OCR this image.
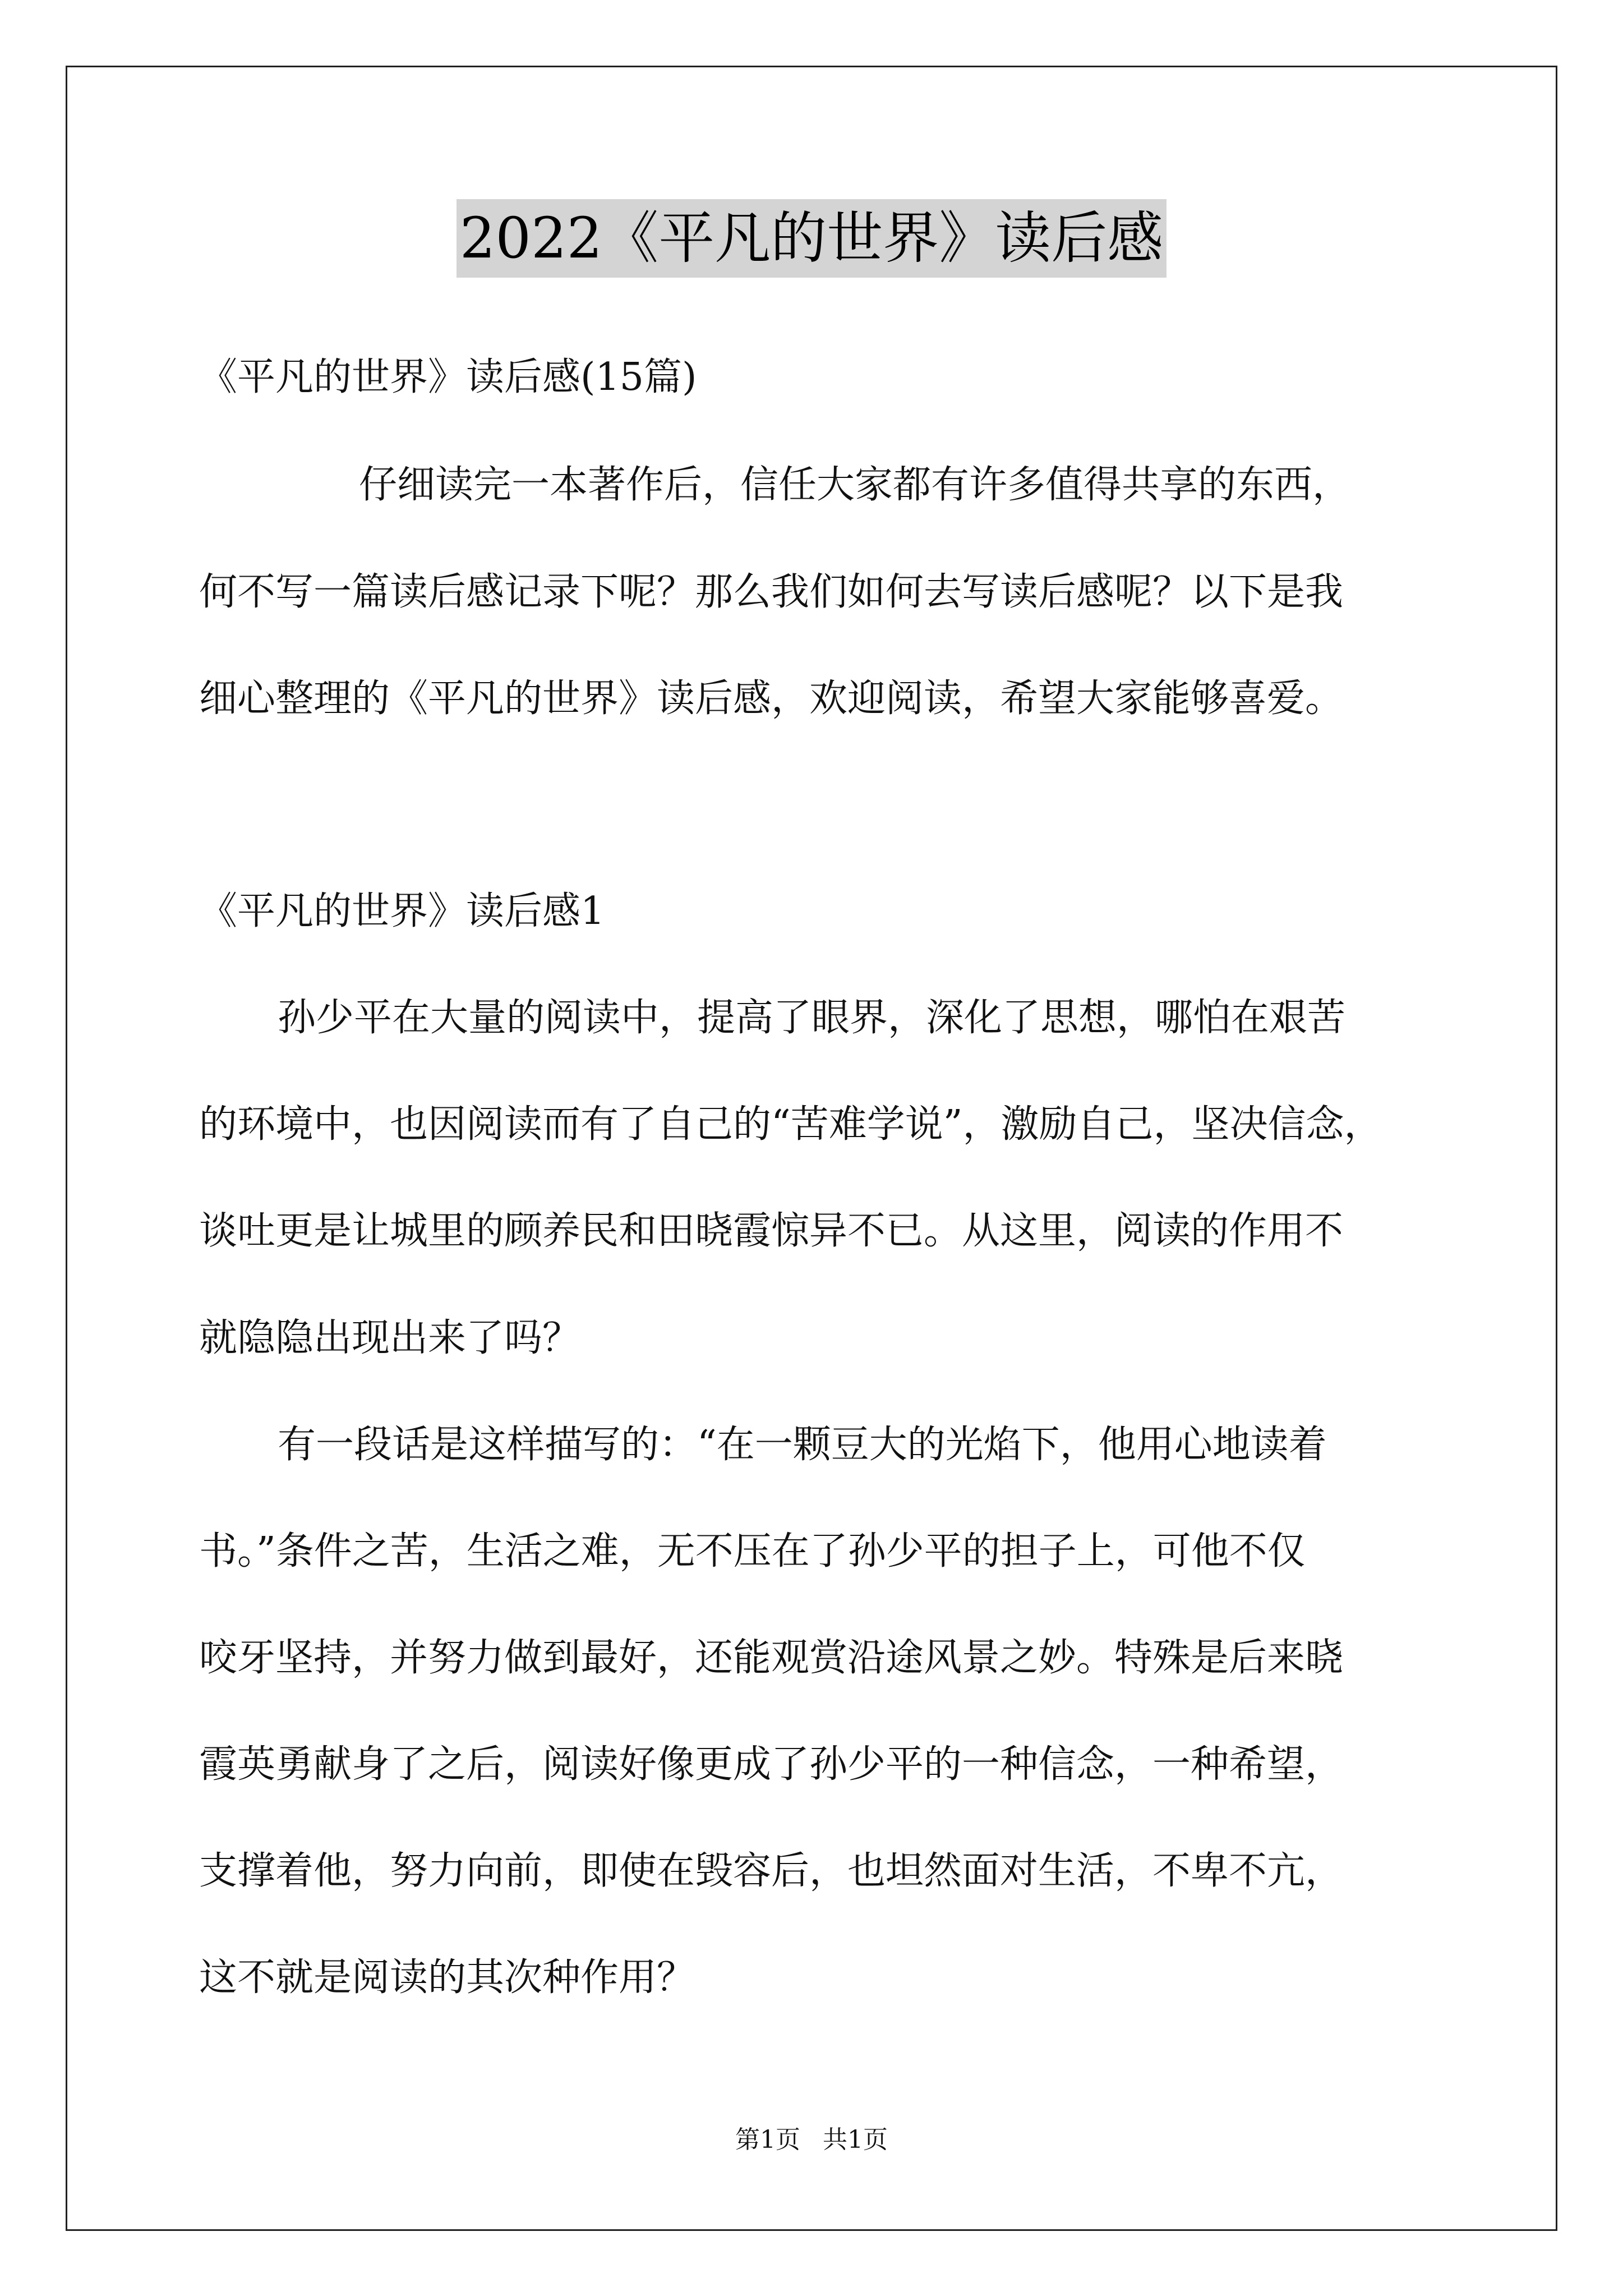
2022《平凡的世界》读后感
《平凡的世界》读后感(15篇)
仔细读完一本著作后，信任大家都有许多值得共享的东西，
何不写一篇读后感记录下呢？那么我们如何去写读后感呢？以下是我
细心整理的《平凡的世界》读后感，欢迎阅读，希望大家能够喜爱。
《平凡的世界》读后感1
孙少平在大量的阅读中，提高了眼界，深化了思想，哪怕在艰苦
的环境中，也因阅读而有了自己的“苦难学说”，激励自己，坚决信念，
谈吐更是让城里的顾养民和田晓霞惊异不已。从这里，阅读的作用不
就隐隐出现出来了吗？
有一段话是这样描写的：“在一颗豆大的光焰下，他用心地读着
书。”条件之苦，生活之难，无不压在了孙少平的担子上，可他不仅
咬牙坚持，并努力做到最好，还能观赏沿途风景之妙。特殊是后来晓
霞英勇献身了之后，阅读好像更成了孙少平的一种信念，一种希望，
支撑着他，努力向前，即使在毁容后，也坦然面对生活，不卑不亢，
这不就是阅读的其次种作用？
第1页 共1页
